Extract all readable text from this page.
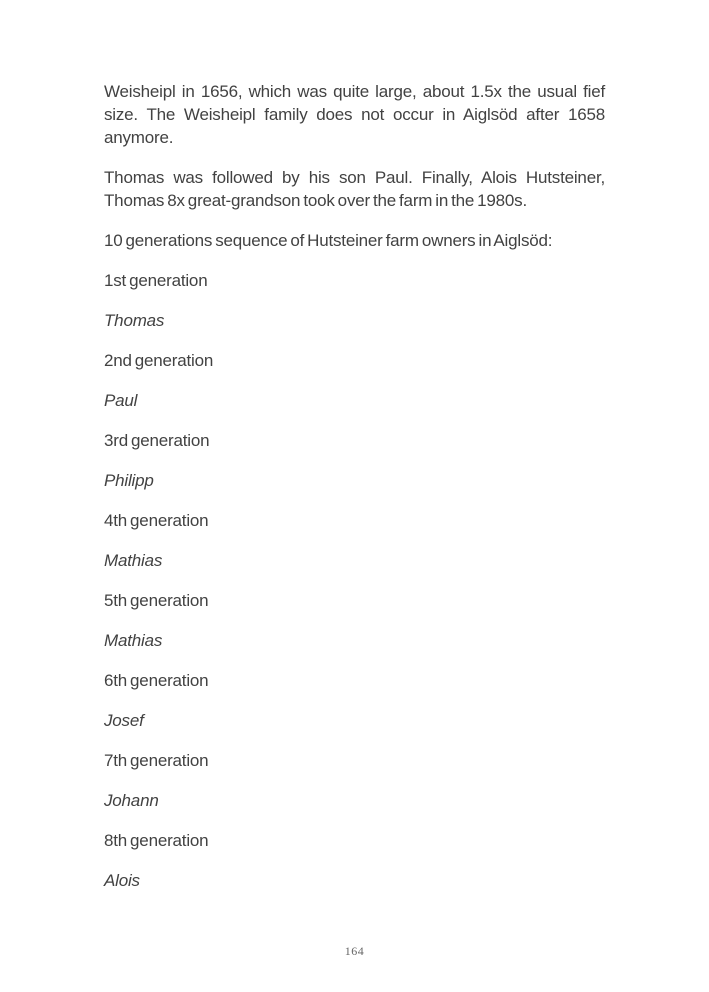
Weisheipl in 1656, which was quite large, about 1.5x the usual fief
size. The Weisheipl family does not occur in Aiglsöd after 1658
anymore.
Thomas was followed by his son Paul. Finally, Alois Hutsteiner,
Thomas 8x great-grandson took over the farm in the 1980s.
10 generations sequence of Hutsteiner farm owners in Aiglsöd:
1st generation
Thomas
2nd generation
Paul
3rd generation
Philipp
4th generation
Mathias
5th generation
Mathias
6th generation
Josef
7th generation
Johann
8th generation
Alois
164
